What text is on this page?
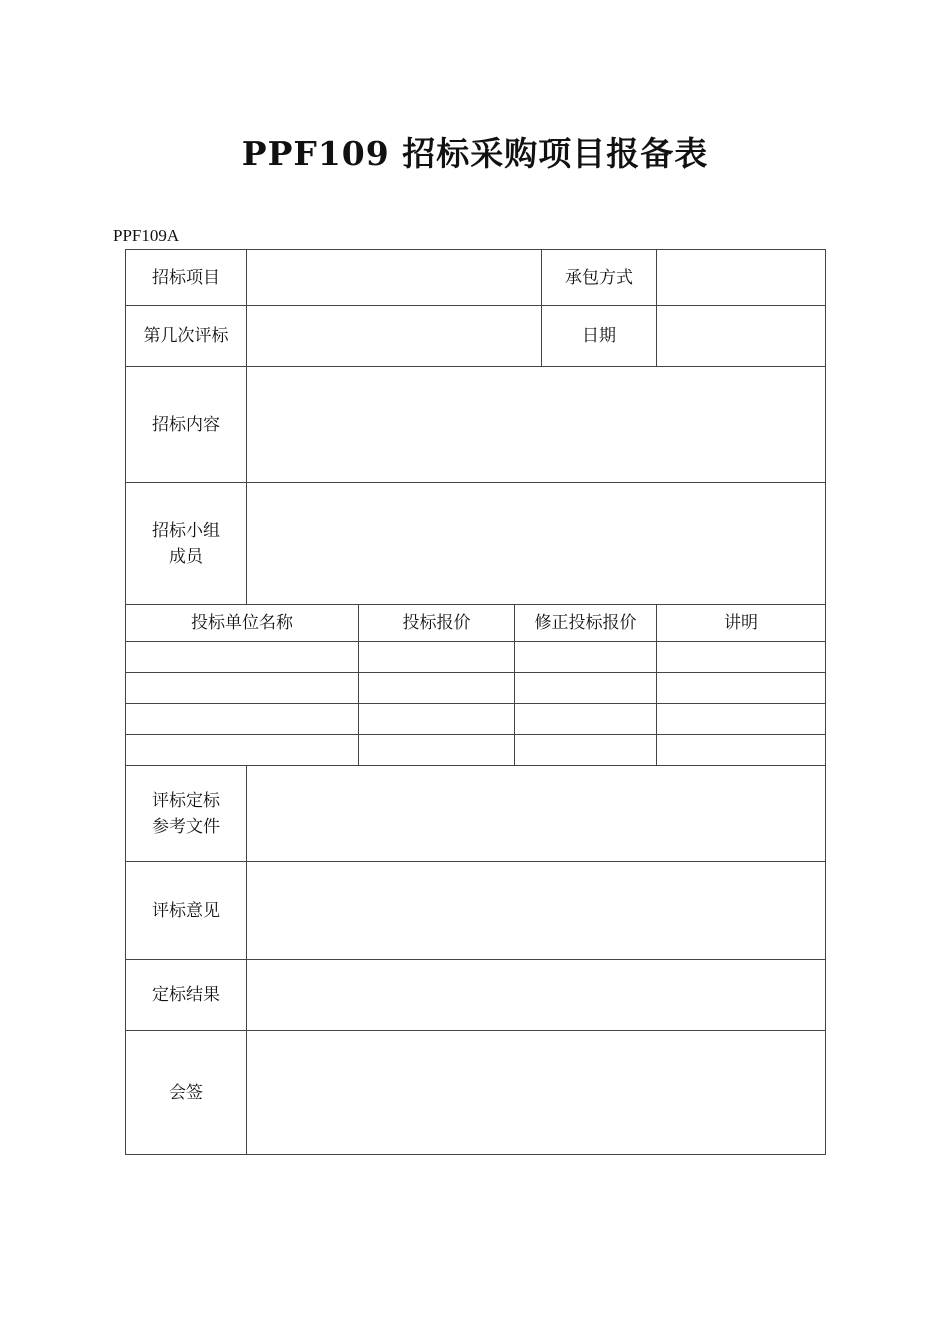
PPF109 招标采购项目报备表
PPF109A
招标项目				承包方式	
第几次评标				日期	
招标内容					
招标小组
成员					
投标单位名称		投标报价	修正投标报价		讲明

评标定标
参考文件					
评标意见					
定标结果					
会签					
